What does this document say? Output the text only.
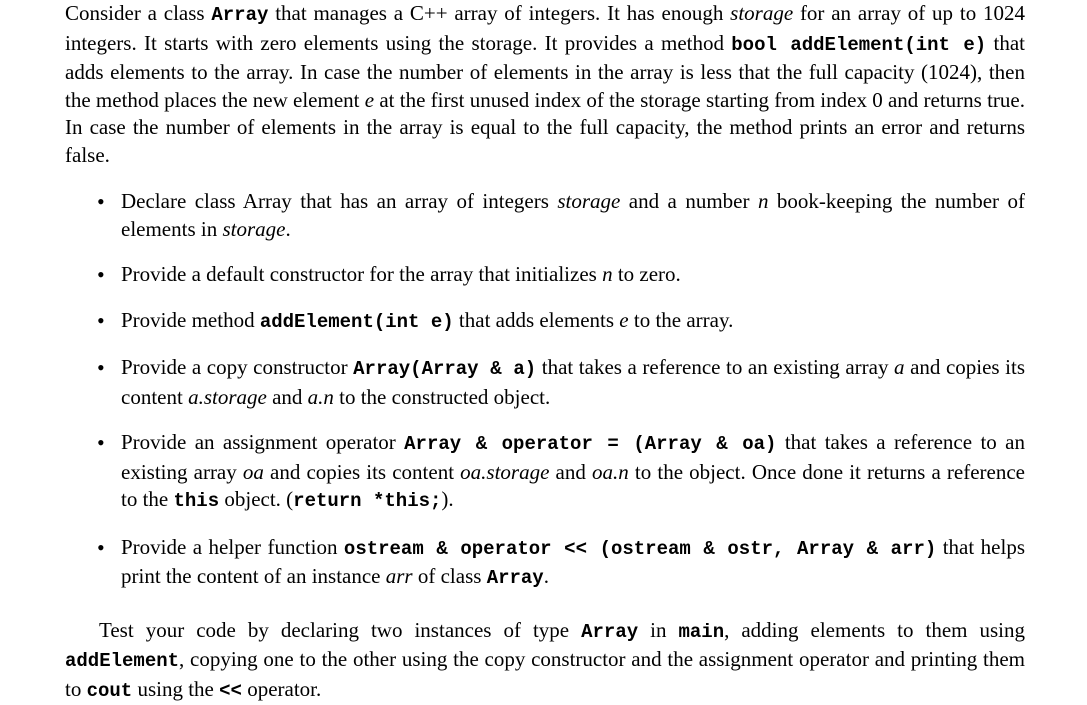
Consider a class Array that manages a C++ array of integers. It has enough storage for an array of up to 1024 integers. It starts with zero elements using the storage. It provides a method bool addElement(int e) that adds elements to the array. In case the number of elements in the array is less that the full capacity (1024), then the method places the new element e at the first unused index of the storage starting from index 0 and returns true. In case the number of elements in the array is equal to the full capacity, the method prints an error and returns false.

• Declare class Array that has an array of integers storage and a number n book-keeping the number of elements in storage.
• Provide a default constructor for the array that initializes n to zero.
• Provide method addElement(int e) that adds elements e to the array.
• Provide a copy constructor Array(Array & a) that takes a reference to an existing array a and copies its content a.storage and a.n to the constructed object.
• Provide an assignment operator Array & operator = (Array & oa) that takes a reference to an existing array oa and copies its content oa.storage and oa.n to the object. Once done it returns a reference to the this object. (return *this;).
• Provide a helper function ostream & operator << (ostream & ostr, Array & arr) that helps print the content of an instance arr of class Array.

Test your code by declaring two instances of type Array in main, adding elements to them using addElement, copying one to the other using the copy constructor and the assignment operator and printing them to cout using the << operator.
